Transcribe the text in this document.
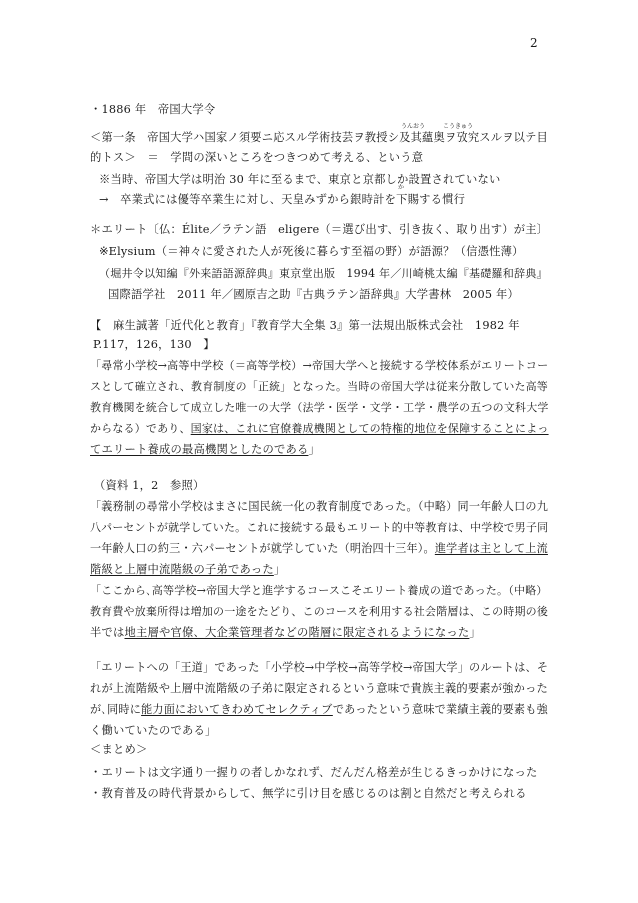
2
・1886 年　帝国大学令
うんおう	こうきゅう
＜第一条　帝国大学ハ国家ノ須要ニ応スル学術技芸ヲ教授シ及其蘊奥ヲ攷究スルヲ以テ目
的トス＞　＝　学問の深いところをつきつめて考える、という意
※当時、帝国大学は明治 30 年に至るまで、東京と京都しか設置されていない
か
→　卒業式には優等卒業生に対し、天皇みずから銀時計を下賜する慣行
＊エリート〔仏：Élite／ラテン語　eligere（＝選び出す、引き抜く、取り出す）が主〕
※Elysium（＝神々に愛された人が死後に暮らす至福の野）が語源？（信憑性薄）
（堀井令以知編『外来語語源辞典』東京堂出版　1994 年／川崎桃太編『基礎羅和辞典』
国際語学社　2011 年／國原吉之助『古典ラテン語辞典』大学書林　2005 年）
【　麻生誠著「近代化と教育」『教育学大全集 3』第一法規出版株式会社　1982 年
P.117，126，130　】
「尋常小学校→高等中学校（＝高等学校）→帝国大学へと接続する学校体系がエリートコー
スとして確立され、教育制度の「正統」となった。当時の帝国大学は従来分散していた高等
教育機関を統合して成立した唯一の大学（法学・医学・文学・工学・農学の五つの文科大学
からなる）であり、国家は、これに官僚養成機関としての特権的地位を保障することによっ
てエリート養成の最高機関としたのである」
（資料 1，2　参照）
「義務制の尋常小学校はまさに国民統一化の教育制度であった。（中略）同一年齢人口の九
八パーセントが就学していた。これに接続する最もエリート的中等教育は、中学校で男子同
一年齢人口の約三・六パーセントが就学していた（明治四十三年）。進学者は主として上流
階級と上層中流階級の子弟であった」
「ここから､高等学校→帝国大学と進学するコースこそエリート養成の道であった。（中略）
教育費や放棄所得は増加の一途をたどり、このコースを利用する社会階層は、この時期の後
半では地主層や官僚、大企業管理者などの階層に限定されるようになった」
「エリートへの「王道」であった「小学校→中学校→高等学校→帝国大学」のルートは、そ
れが上流階級や上層中流階級の子弟に限定されるという意味で貴族主義的要素が強かった
が､同時に能力面においてきわめてセレクティブであったという意味で業績主義的要素も強
く働いていたのである」
＜まとめ＞
・エリートは文字通り一握りの者しかなれず、だんだん格差が生じるきっかけになった
・教育普及の時代背景からして、無学に引け目を感じるのは割と自然だと考えられる
